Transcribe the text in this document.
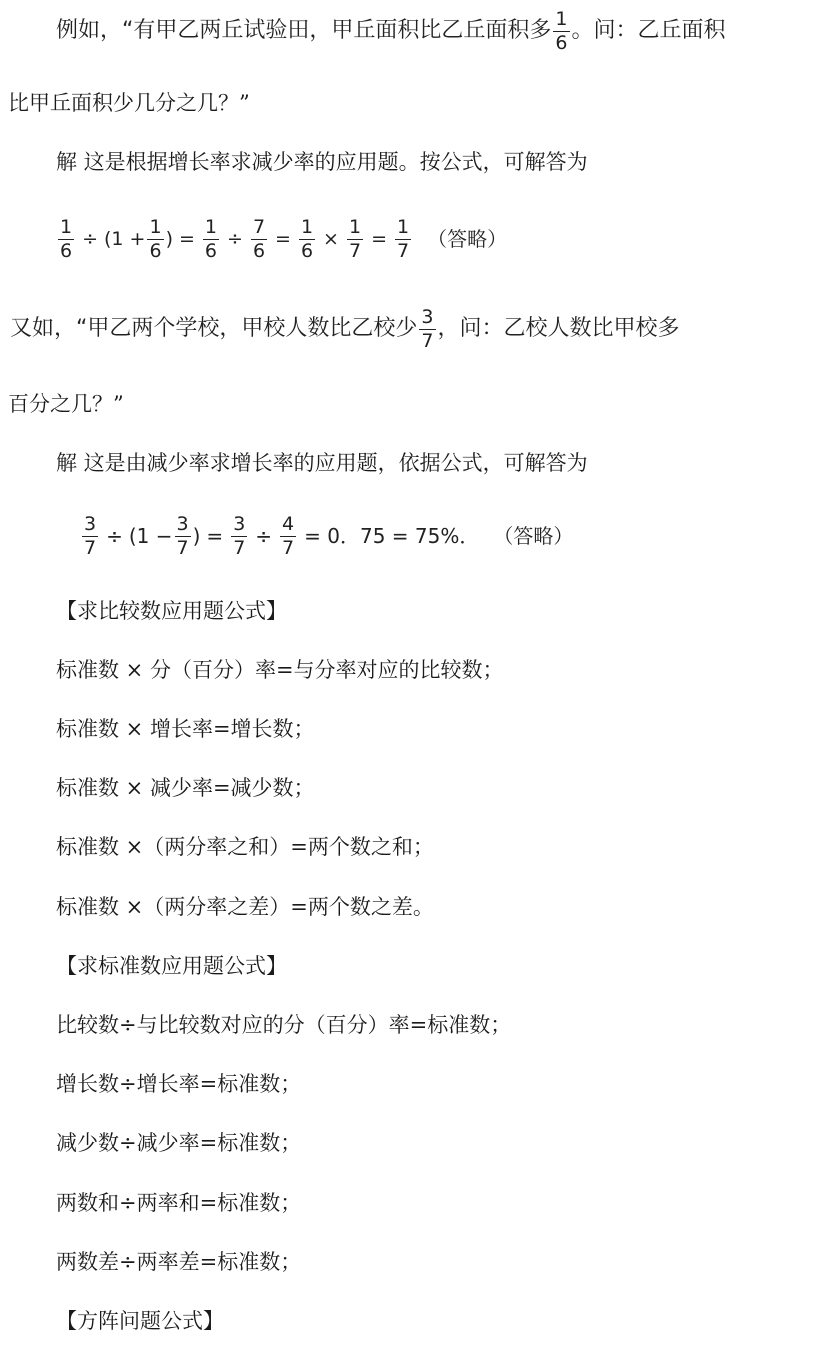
例如，“有甲乙两丘试验田，甲丘面积比乙丘面积多 $\frac{1}{6}$ 。问：乙丘面积
比甲丘面积少几分之几？”
解 这是根据增长率求减少率的应用题。按公式，可解答为
$\frac{1}{6} \div (1 + \frac{1}{6}$ ) = $\frac{1}{6} \div \frac{7}{6} = \frac{1}{6} \times \frac{1}{7} = \frac{1}{7}$ （答略）
又如，“甲乙两个学校，甲校人数比乙校少 $\frac{3}{7}$ ，问：乙校人数比甲校多
百分之几？”
解 这是由减少率求增长率的应用题，依据公式，可解答为
$\frac{3}{7} \div (1 - \frac{3}{7}$ ) = $\frac{3}{7} \div \frac{4}{7} = 0$．75 = 75%． （答略）
【求比较数应用题公式】
标准数 × 分（百分）率=与分率对应的比较数；
标准数 × 增长率=增长数；
标准数 × 减少率=减少数；
标准数 ×（两分率之和）=两个数之和；
标准数 ×（两分率之差）=两个数之差。
【求标准数应用题公式】
比较数÷与比较数对应的分（百分）率=标准数；
增长数÷增长率=标准数；
减少数÷减少率=标准数；
两数和÷两率和=标准数；
两数差÷两率差=标准数；
【方阵问题公式】
